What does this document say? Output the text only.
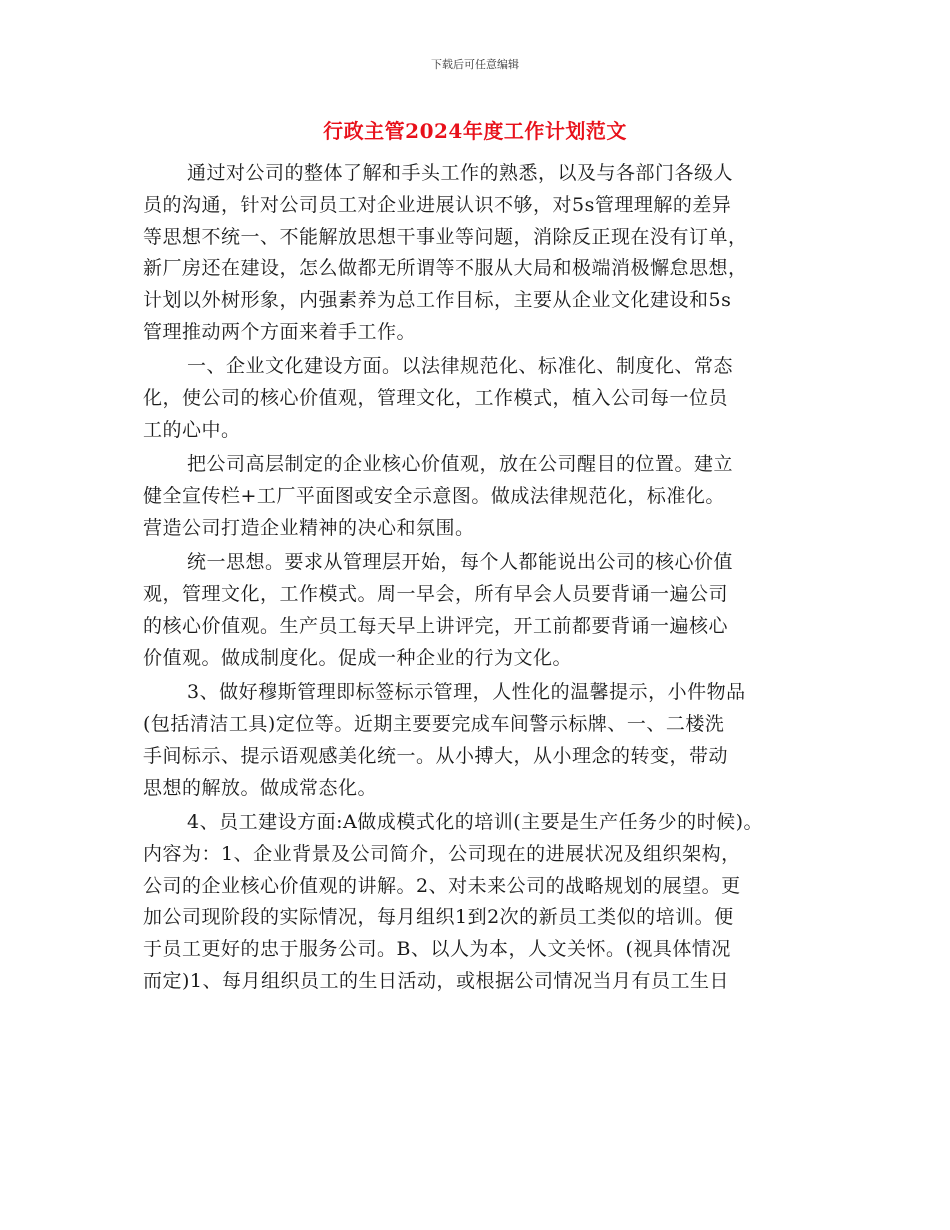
下载后可任意编辑
行政主管2024年度工作计划范文
通过对公司的整体了解和手头工作的熟悉，以及与各部门各级人
员的沟通，针对公司员工对企业进展认识不够，对5s管理理解的差异
等思想不统一、不能解放思想干事业等问题，消除反正现在没有订单，
新厂房还在建设，怎么做都无所谓等不服从大局和极端消极懈怠思想，
计划以外树形象，内强素养为总工作目标，主要从企业文化建设和5s
管理推动两个方面来着手工作。
一、企业文化建设方面。以法律规范化、标准化、制度化、常态
化，使公司的核心价值观，管理文化，工作模式，植入公司每一位员
工的心中。
把公司高层制定的企业核心价值观，放在公司醒目的位置。建立
健全宣传栏+工厂平面图或安全示意图。做成法律规范化，标准化。
营造公司打造企业精神的决心和氛围。
统一思想。要求从管理层开始，每个人都能说出公司的核心价值
观，管理文化，工作模式。周一早会，所有早会人员要背诵一遍公司
的核心价值观。生产员工每天早上讲评完，开工前都要背诵一遍核心
价值观。做成制度化。促成一种企业的行为文化。
3、做好穆斯管理即标签标示管理，人性化的温馨提示，小件物品
(包括清洁工具)定位等。近期主要要完成车间警示标牌、一、二楼洗
手间标示、提示语观感美化统一。从小搏大，从小理念的转变，带动
思想的解放。做成常态化。
4、员工建设方面:A做成模式化的培训(主要是生产任务少的时候)。
内容为：1、企业背景及公司简介，公司现在的进展状况及组织架构，
公司的企业核心价值观的讲解。2、对未来公司的战略规划的展望。更
加公司现阶段的实际情况，每月组织1到2次的新员工类似的培训。便
于员工更好的忠于服务公司。B、以人为本，人文关怀。(视具体情况
而定)1、每月组织员工的生日活动，或根据公司情况当月有员工生日
